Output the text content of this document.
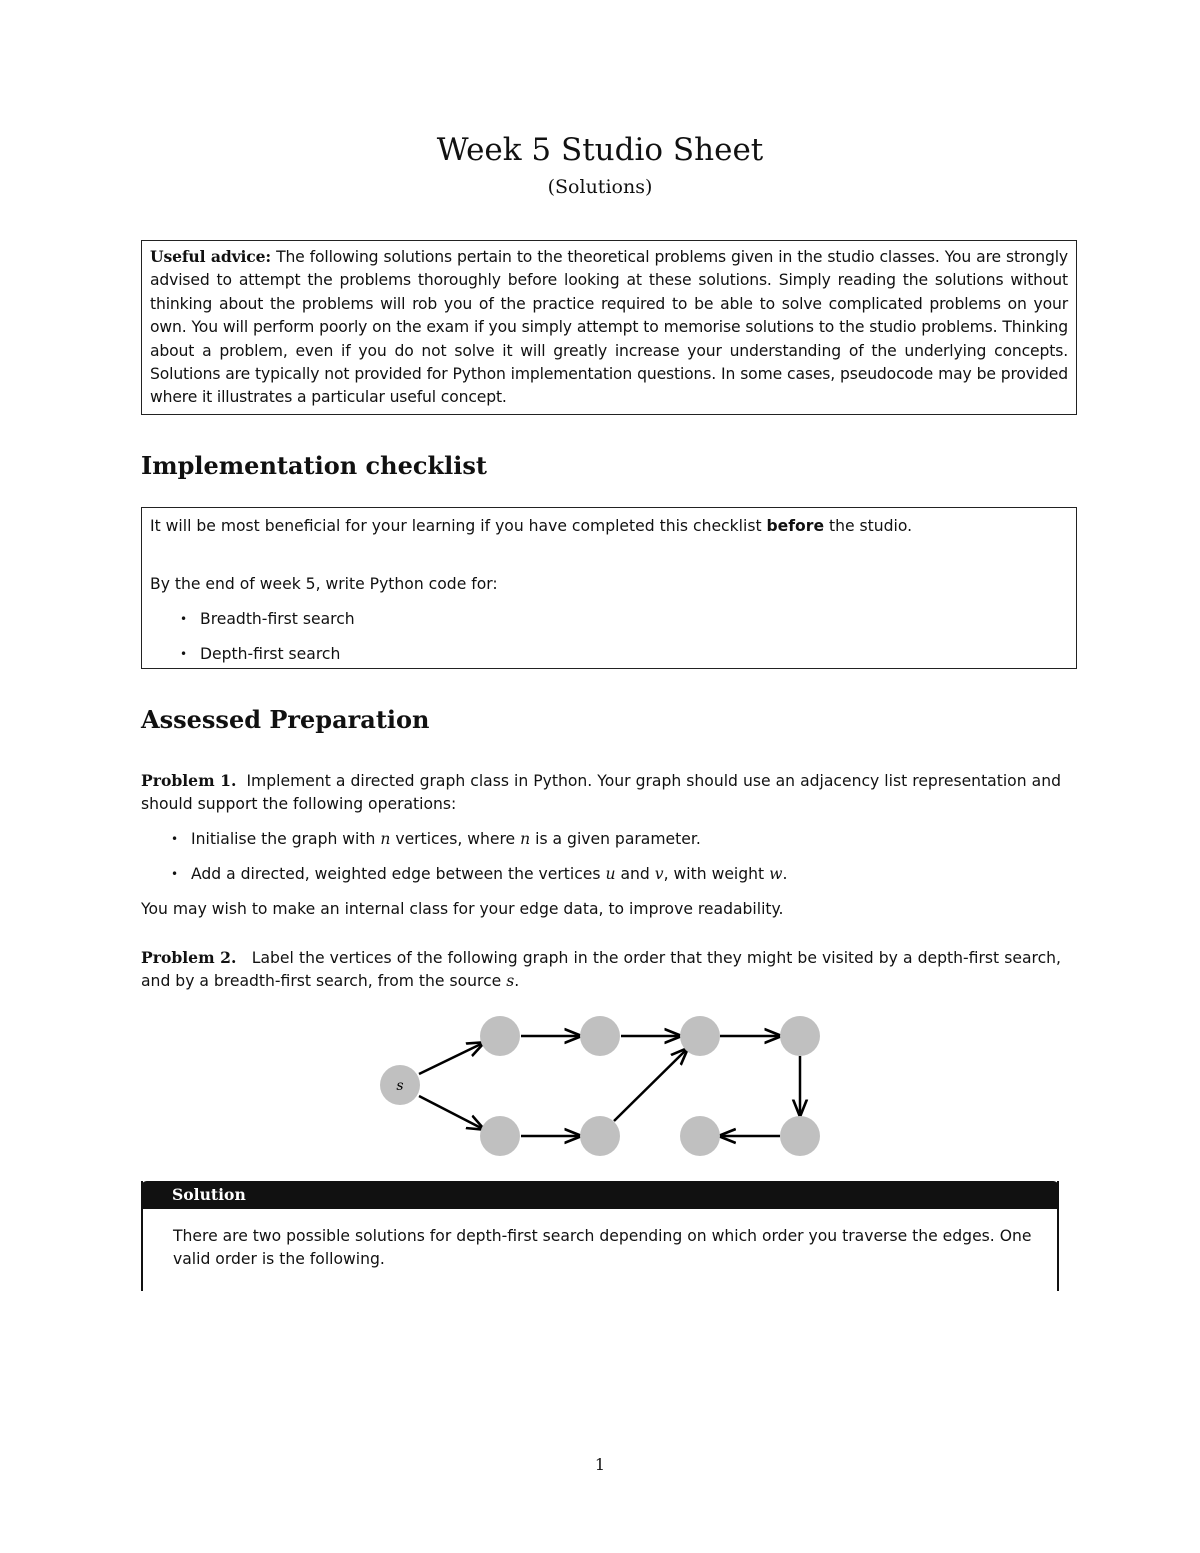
Week 5 Studio Sheet
(Solutions)

Useful advice: The following solutions pertain to the theoretical problems given in the studio classes. You are strongly advised to attempt the problems thoroughly before looking at these solutions. Simply reading the solutions without thinking about the problems will rob you of the practice required to be able to solve complicated problems on your own. You will perform poorly on the exam if you simply attempt to memorise solutions to the studio problems. Thinking about a problem, even if you do not solve it will greatly increase your understanding of the underlying concepts. Solutions are typically not provided for Python implementation questions. In some cases, pseudocode may be provided where it illustrates a particular useful concept.

Implementation checklist

It will be most beneficial for your learning if you have completed this checklist before the studio.

By the end of week 5, write Python code for:

• Breadth-first search
• Depth-first search
Assessed Preparation

Problem 1. Implement a directed graph class in Python. Your graph should use an adjacency list representation and should support the following operations:

• Initialise the graph with n vertices, where n is a given parameter.
• Add a directed, weighted edge between the vertices u and v, with weight w.

You may wish to make an internal class for your edge data, to improve readability.

Problem 2. Label the vertices of the following graph in the order that they might be visited by a depth-first search, and by a breadth-first search, from the source s.

s
Solution

There are two possible solutions for depth-first search depending on which order you traverse the edges. One valid order is the following.

1
